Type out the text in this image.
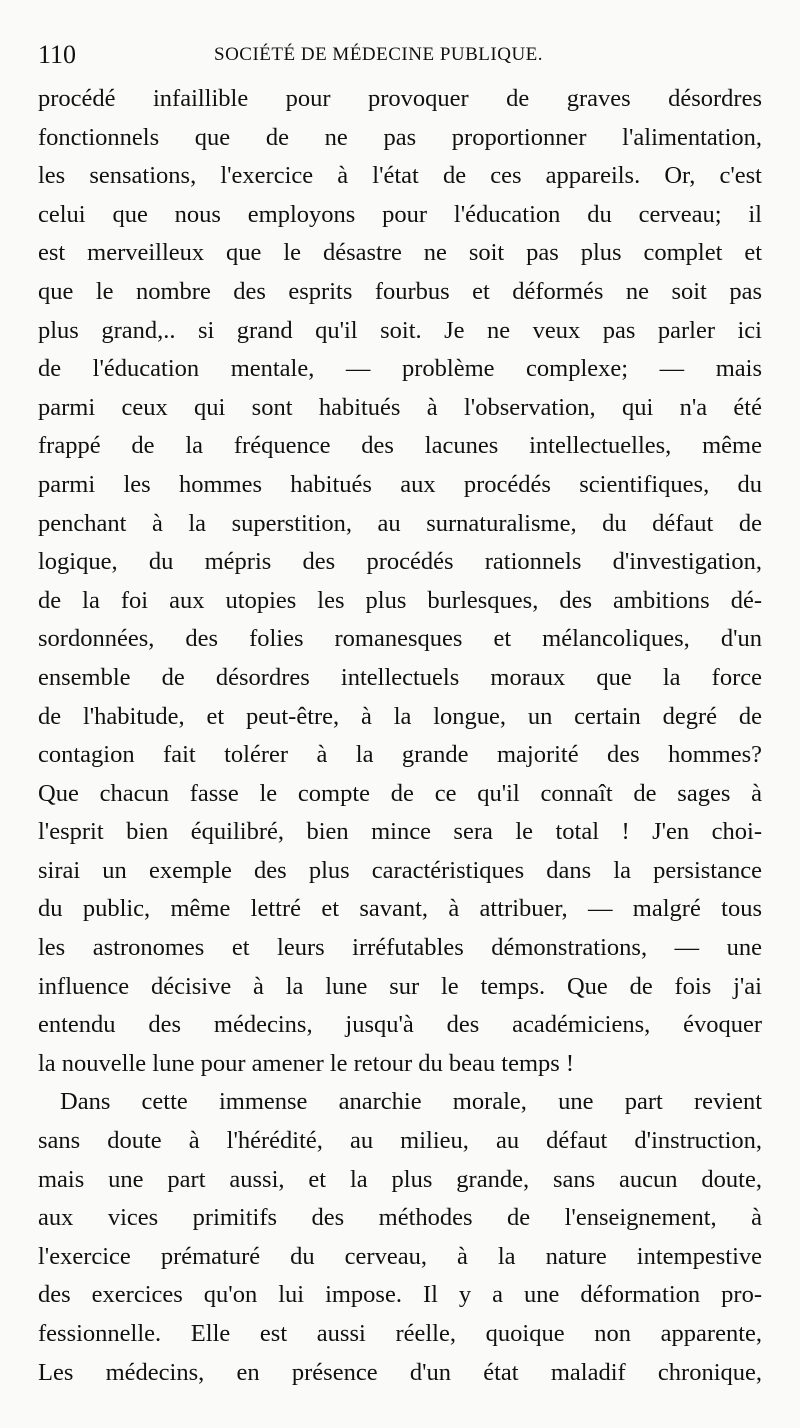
110	SOCIÉTÉ DE MÉDECINE PUBLIQUE.
procédé infaillible pour provoquer de graves désordres
fonctionnels que de ne pas proportionner l'alimentation,
les sensations, l'exercice à l'état de ces appareils. Or, c'est
celui que nous employons pour l'éducation du cerveau; il
est merveilleux que le désastre ne soit pas plus complet et
que le nombre des esprits fourbus et déformés ne soit pas
plus grand,.. si grand qu'il soit. Je ne veux pas parler ici
de l'éducation mentale, — problème complexe; — mais
parmi ceux qui sont habitués à l'observation, qui n'a été
frappé de la fréquence des lacunes intellectuelles, même
parmi les hommes habitués aux procédés scientifiques, du
penchant à la superstition, au surnaturalisme, du défaut de
logique, du mépris des procédés rationnels d'investigation,
de la foi aux utopies les plus burlesques, des ambitions dé-
sordonnées, des folies romanesques et mélancoliques, d'un
ensemble de désordres intellectuels moraux que la force
de l'habitude, et peut-être, à la longue, un certain degré de
contagion fait tolérer à la grande majorité des hommes?
Que chacun fasse le compte de ce qu'il connaît de sages à
l'esprit bien équilibré, bien mince sera le total ! J'en choi-
sirai un exemple des plus caractéristiques dans la persistance
du public, même lettré et savant, à attribuer, — malgré tous
les astronomes et leurs irréfutables démonstrations, — une
influence décisive à la lune sur le temps. Que de fois j'ai
entendu des médecins, jusqu'à des académiciens, évoquer
la nouvelle lune pour amener le retour du beau temps !
Dans cette immense anarchie morale, une part revient
sans doute à l'hérédité, au milieu, au défaut d'instruction,
mais une part aussi, et la plus grande, sans aucun doute,
aux vices primitifs des méthodes de l'enseignement, à
l'exercice prématuré du cerveau, à la nature intempestive
des exercices qu'on lui impose. Il y a une déformation pro-
fessionnelle. Elle est aussi réelle, quoique non apparente,
Les médecins, en présence d'un état maladif chronique,
